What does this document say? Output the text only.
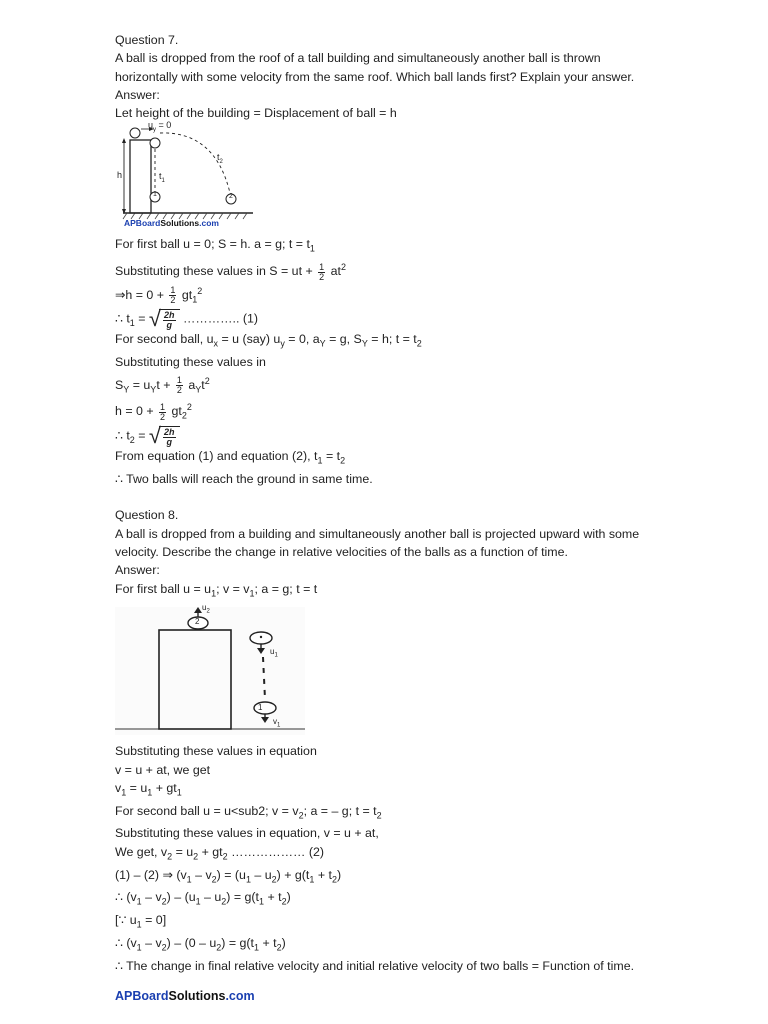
Question 7.
A ball is dropped from the roof of a tall building and simultaneously another ball is thrown horizontally with some velocity from the same roof. Which ball lands first? Explain your answer.
Answer:
Let height of the building = Displacement of ball = h
$u_y = 0$
h	$t_1$
$t_2$
1	2
APBoardSolutions.com
For first ball u = 0; S = h. a = g; $t = t_1$
Substituting these values in S = ut + $\frac{1}{2} at^2$
⇒h = $0 + \frac{1}{2} gt_1^2$
∴ $t_1$ = √ $\frac{2h}{g}$ ………….. (1)
For second ball, $u_x = u$ (say) $u_y = 0$, $a_Y = g$, $S_Y = h$; $t = t_2$
Substituting these values in
$S_Y = u_Yt + \frac{1}{2} a_Yt^2$
$h = 0 + \frac{1}{2} gt_2^2$
∴ $t_2$ = √ $\frac{2h}{g}$
From equation (1) and equation (2), $t_1 = t_2$
∴ Two balls will reach the ground in same time.
Question 8.
A ball is dropped from a building and simultaneously another ball is projected upward with some velocity. Describe the change in relative velocities of the balls as a function of time.
Answer:
For first ball $u = u_1$; $v = v_1$; a = g; t = t
$u_2$
2
1
$u_1$
$v_1$
Substituting these values in equation
v = u + at, we get
$v_1 = u_1 + gt_1$
For second ball u = u<sub2; $v = v_2$; a = – g; $t = t_2$
Substituting these values in equation, v = u + at,
We get, $v_2 = u_2 + gt_2$ ……………… (2)
(1) – (2) ⇒ $(v_1 - v_2) = (u_1 - u_2) + g(t_1 + t_2)$
∴ $(v_1 - v_2) - (u_1 - u_2) = g(t_1 + t_2)$
[∵ $u_1 = 0$]
∴ $(v_1 - v_2) - (0 - u_2) = g(t_1 + t_2)$
∴ The change in final relative velocity and initial relative velocity of two balls = Function of time.
APBoardSolutions.com
